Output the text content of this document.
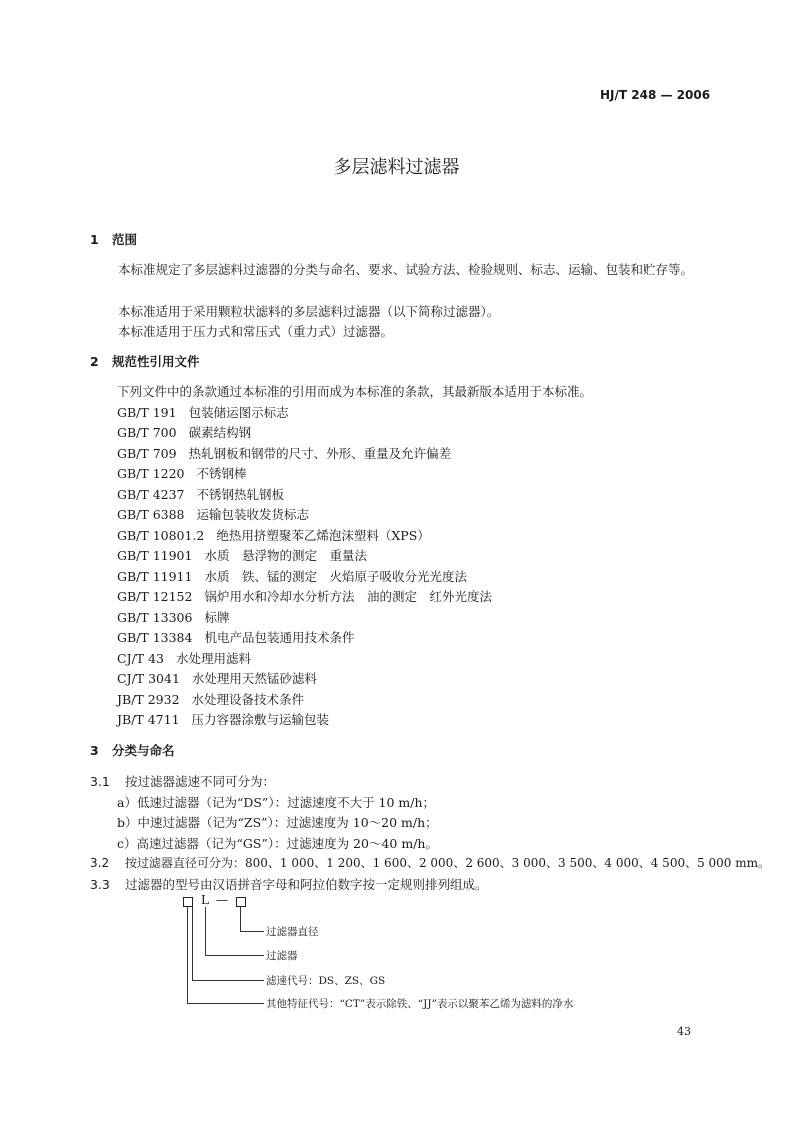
HJ/T 248 — 2006
多层滤料过滤器
1 范围
本标准规定了多层滤料过滤器的分类与命名、要求、试验方法、检验规则、标志、运输、包装和贮存等。
本标准适用于采用颗粒状滤料的多层滤料过滤器（以下简称过滤器）。
本标准适用于压力式和常压式（重力式）过滤器。
2 规范性引用文件
下列文件中的条款通过本标准的引用而成为本标准的条款，其最新版本适用于本标准。
GB/T 191 包装储运图示标志
GB/T 700 碳素结构钢
GB/T 709 热轧钢板和钢带的尺寸、外形、重量及允许偏差
GB/T 1220 不锈钢棒
GB/T 4237 不锈钢热轧钢板
GB/T 6388 运输包装收发货标志
GB/T 10801.2 绝热用挤塑聚苯乙烯泡沫塑料（XPS）
GB/T 11901 水质　悬浮物的测定　重量法
GB/T 11911 水质　铁、锰的测定　火焰原子吸收分光光度法
GB/T 12152 锅炉用水和冷却水分析方法　油的测定　红外光度法
GB/T 13306 标牌
GB/T 13384 机电产品包装通用技术条件
CJ/T 43 水处理用滤料
CJ/T 3041 水处理用天然锰砂滤料
JB/T 2932 水处理设备技术条件
JB/T 4711 压力容器涂敷与运输包装
3 分类与命名
3.1 按过滤器滤速不同可分为：
a）低速过滤器（记为“DS”）：过滤速度不大于 10 m/h；
b）中速过滤器（记为“ZS”）：过滤速度为 10～20 m/h；
c）高速过滤器（记为“GS”）：过滤速度为 20～40 m/h。
3.2 按过滤器直径可分为：800、1 000、1 200、1 600、2 000、2 600、3 000、3 500、4 000、4 500、5 000 mm。
3.3 过滤器的型号由汉语拼音字母和阿拉伯数字按一定规则排列组成。
L —
过滤器直径
过滤器
滤速代号：DS、ZS、GS
其他特征代号：“CT”表示除铁、“JJ”表示以聚苯乙烯为滤料的净水
43
